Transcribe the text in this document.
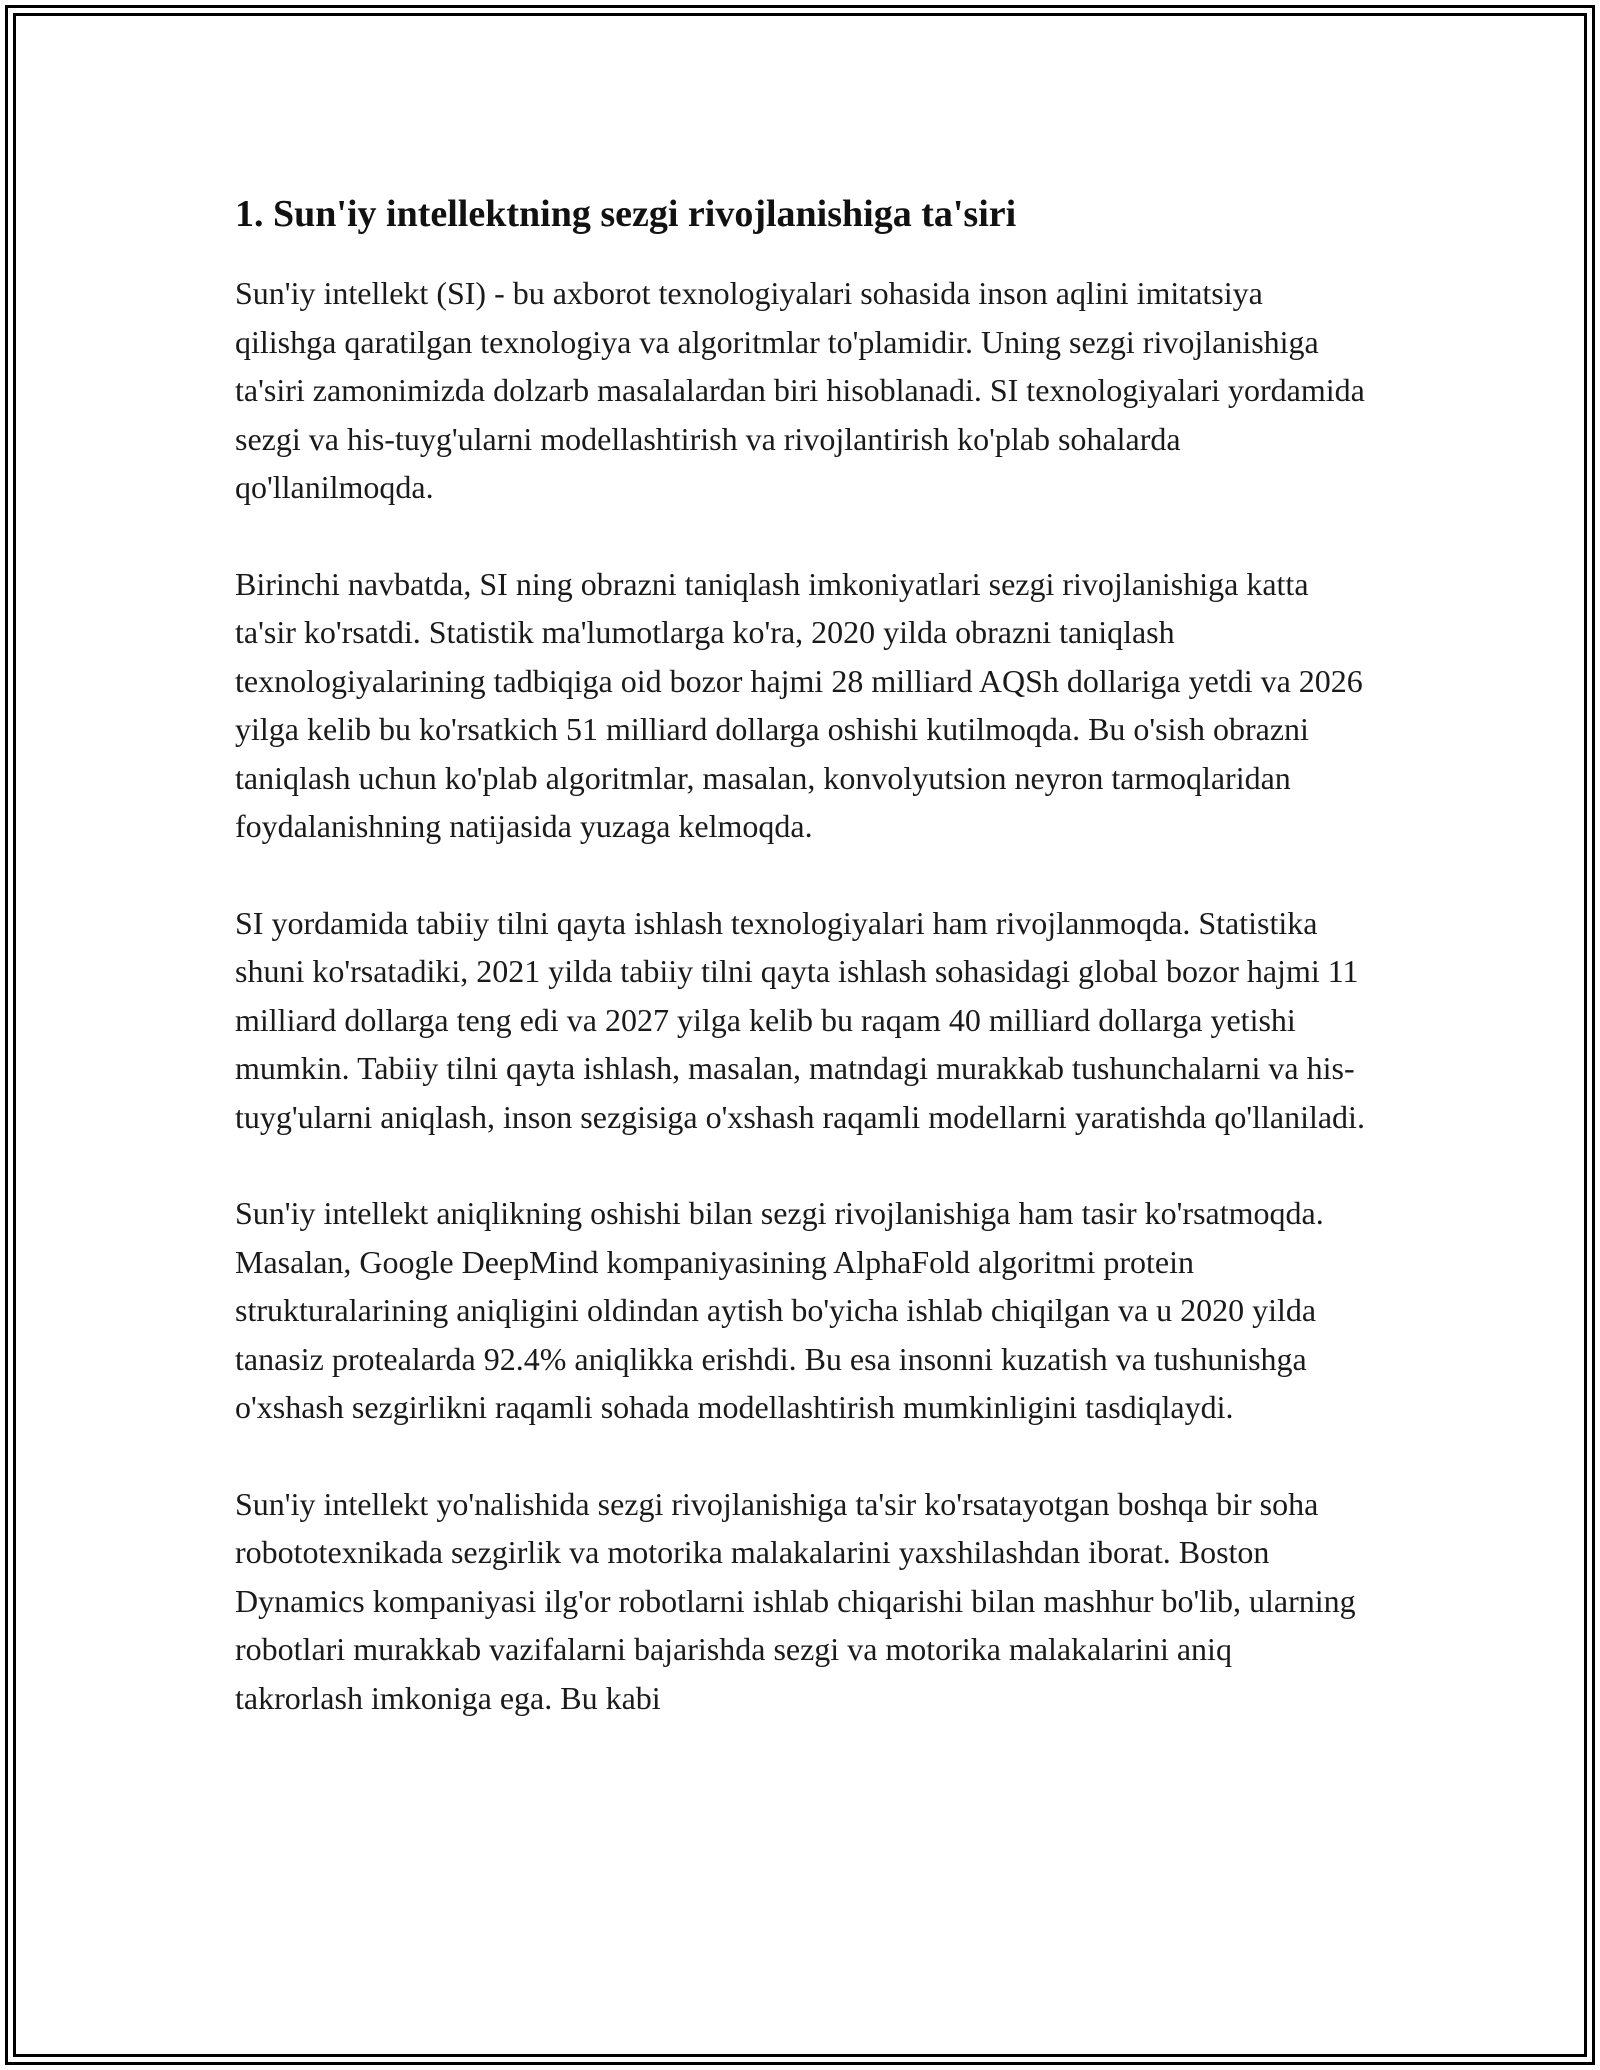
1. Sun'iy intellektning sezgi rivojlanishiga ta'siri

Sun'iy intellekt (SI) - bu axborot texnologiyalari sohasida inson aqlini imitatsiya qilishga qaratilgan texnologiya va algoritmlar to'plamidir. Uning sezgi rivojlanishiga ta'siri zamonimizda dolzarb masalalardan biri hisoblanadi. SI texnologiyalari yordamida sezgi va his-tuyg'ularni modellashtirish va rivojlantirish ko'plab sohalarda qo'llanilmoqda.

Birinchi navbatda, SI ning obrazni taniqlash imkoniyatlari sezgi rivojlanishiga katta ta'sir ko'rsatdi. Statistik ma'lumotlarga ko'ra, 2020 yilda obrazni taniqlash texnologiyalarining tadbiqiga oid bozor hajmi 28 milliard AQSh dollariga yetdi va 2026 yilga kelib bu ko'rsatkich 51 milliard dollarga oshishi kutilmoqda. Bu o'sish obrazni taniqlash uchun ko'plab algoritmlar, masalan, konvolyutsion neyron tarmoqlaridan foydalanishning natijasida yuzaga kelmoqda.

SI yordamida tabiiy tilni qayta ishlash texnologiyalari ham rivojlanmoqda. Statistika shuni ko'rsatadiki, 2021 yilda tabiiy tilni qayta ishlash sohasidagi global bozor hajmi 11 milliard dollarga teng edi va 2027 yilga kelib bu raqam 40 milliard dollarga yetishi mumkin. Tabiiy tilni qayta ishlash, masalan, matndagi murakkab tushunchalarni va his-tuyg'ularni aniqlash, inson sezgisiga o'xshash raqamli modellarni yaratishda qo'llaniladi.

Sun'iy intellekt aniqlikning oshishi bilan sezgi rivojlanishiga ham tasir ko'rsatmoqda. Masalan, Google DeepMind kompaniyasining AlphaFold algoritmi protein strukturalarining aniqligini oldindan aytish bo'yicha ishlab chiqilgan va u 2020 yilda tanasiz protealarda 92.4% aniqlikka erishdi. Bu esa insonni kuzatish va tushunishga o'xshash sezgirlikni raqamli sohada modellashtirish mumkinligini tasdiqlaydi.

Sun'iy intellekt yo'nalishida sezgi rivojlanishiga ta'sir ko'rsatayotgan boshqa bir soha robototexnikada sezgirlik va motorika malakalarini yaxshilashdan iborat. Boston Dynamics kompaniyasi ilg'or robotlarni ishlab chiqarishi bilan mashhur bo'lib, ularning robotlari murakkab vazifalarni bajarishda sezgi va motorika malakalarini aniq takrorlash imkoniga ega. Bu kabi
